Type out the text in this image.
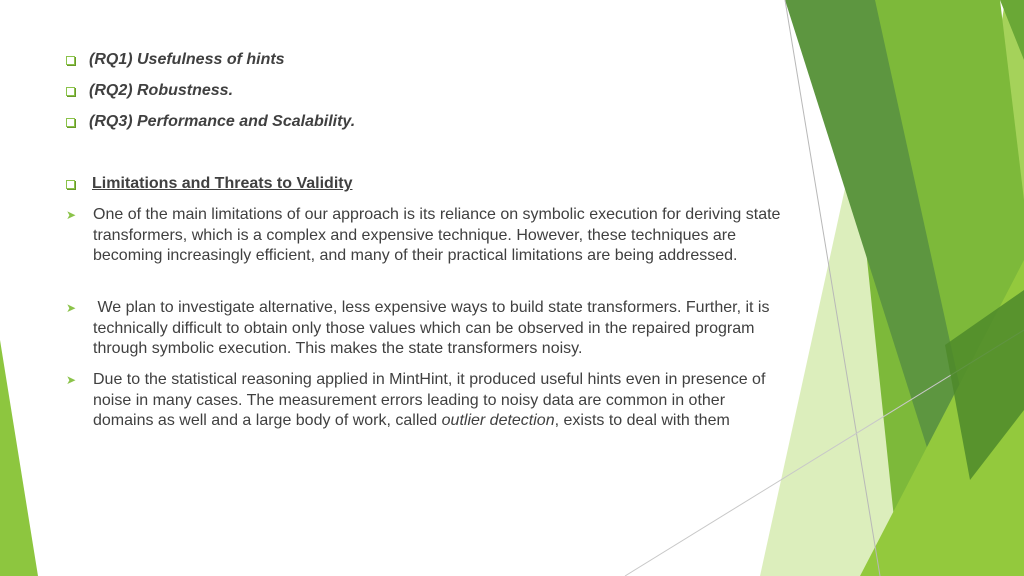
(RQ1) Usefulness of hints
(RQ2) Robustness.
(RQ3) Performance and Scalability.
Limitations and Threats to Validity
➤	One of the main limitations of our approach is its reliance on symbolic execution for deriving state transformers, which is a complex and expensive technique. However, these techniques are becoming increasingly efficient, and many of their practical limitations are being addressed.
➤	We plan to investigate alternative, less expensive ways to build state transformers. Further, it is technically difficult to obtain only those values which can be observed in the repaired program through symbolic execution. This makes the state transformers noisy.
➤	Due to the statistical reasoning applied in MintHint, it produced useful hints even in presence of noise in many cases. The measurement errors leading to noisy data are common in other domains as well and a large body of work, called outlier detection, exists to deal with them
